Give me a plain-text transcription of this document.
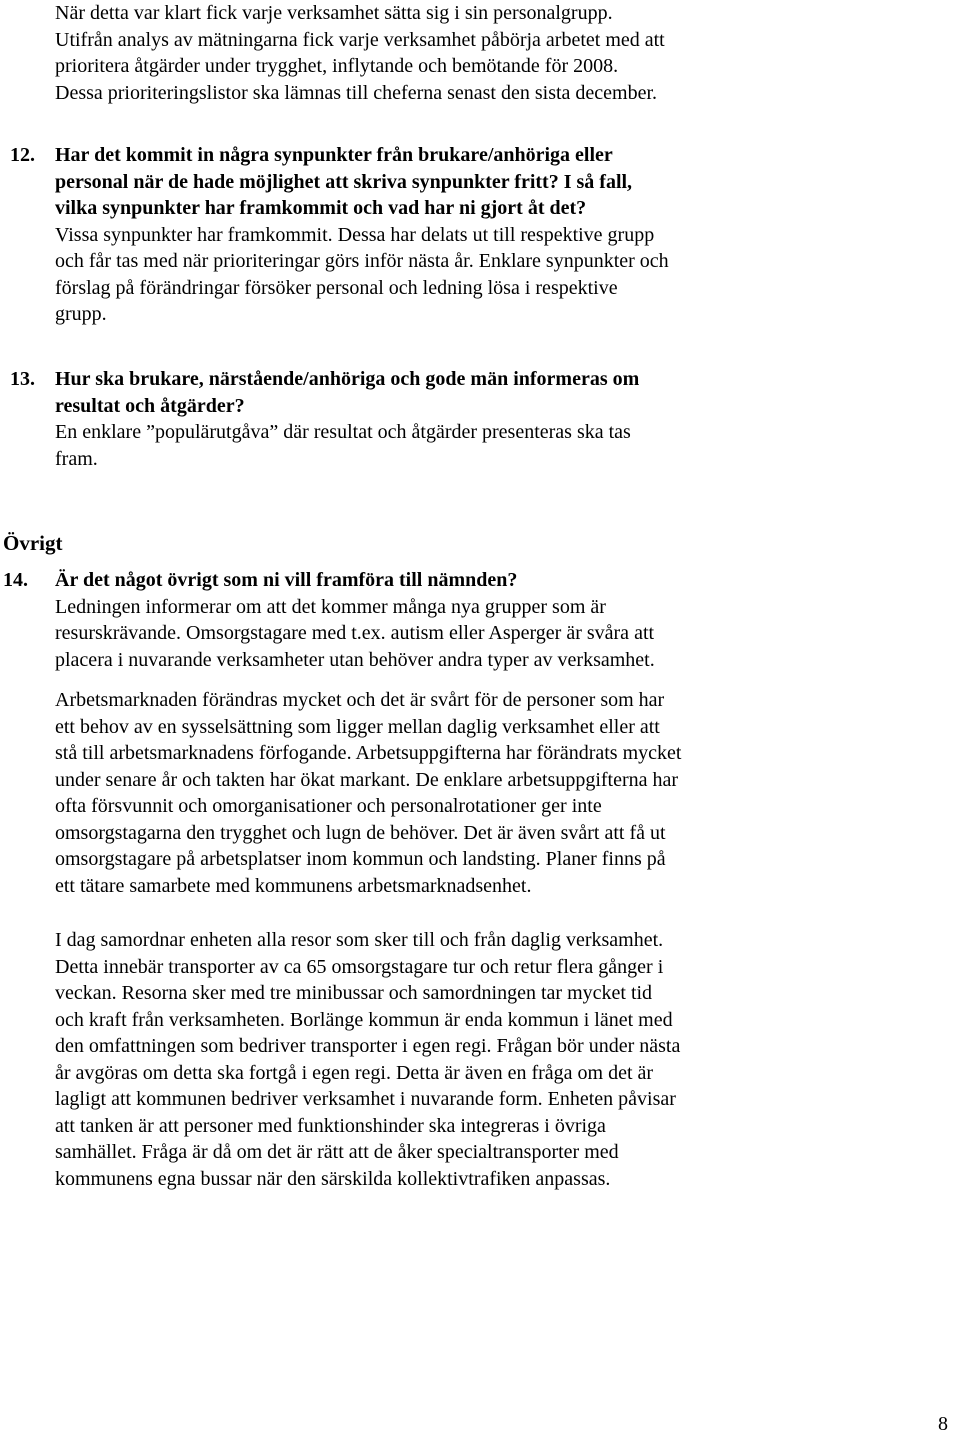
När detta var klart fick varje verksamhet sätta sig i sin personalgrupp.
Utifrån analys av mätningarna fick varje verksamhet påbörja arbetet med att
prioritera åtgärder under trygghet, inflytande och bemötande för 2008.
Dessa prioriteringslistor ska lämnas till cheferna senast den sista december.
12. Har det kommit in några synpunkter från brukare/anhöriga eller
personal när de hade möjlighet att skriva synpunkter fritt? I så fall,
vilka synpunkter har framkommit och vad har ni gjort åt det?
Vissa synpunkter har framkommit. Dessa har delats ut till respektive grupp
och får tas med när prioriteringar görs inför nästa år. Enklare synpunkter och
förslag på förändringar försöker personal och ledning lösa i respektive
grupp.
13. Hur ska brukare, närstående/anhöriga och gode män informeras om
resultat och åtgärder?
En enklare ”populärutgåva” där resultat och åtgärder presenteras ska tas
fram.
Övrigt
14. Är det något övrigt som ni vill framföra till nämnden?
Ledningen informerar om att det kommer många nya grupper som är
resurskrävande. Omsorgstagare med t.ex. autism eller Asperger är svåra att
placera i nuvarande verksamheter utan behöver andra typer av verksamhet.
Arbetsmarknaden förändras mycket och det är svårt för de personer som har
ett behov av en sysselsättning som ligger mellan daglig verksamhet eller att
stå till arbetsmarknadens förfogande. Arbetsuppgifterna har förändrats mycket
under senare år och takten har ökat markant. De enklare arbetsuppgifterna har
ofta försvunnit och omorganisationer och personalrotationer ger inte
omsorgstagarna den trygghet och lugn de behöver. Det är även svårt att få ut
omsorgstagare på arbetsplatser inom kommun och landsting. Planer finns på
ett tätare samarbete med kommunens arbetsmarknadsenhet.
I dag samordnar enheten alla resor som sker till och från daglig verksamhet.
Detta innebär transporter av ca 65 omsorgstagare tur och retur flera gånger i
veckan. Resorna sker med tre minibussar och samordningen tar mycket tid
och kraft från verksamheten. Borlänge kommun är enda kommun i länet med
den omfattningen som bedriver transporter i egen regi. Frågan bör under nästa
år avgöras om detta ska fortgå i egen regi. Detta är även en fråga om det är
lagligt att kommunen bedriver verksamhet i nuvarande form. Enheten påvisar
att tanken är att personer med funktionshinder ska integreras i övriga
samhället. Fråga är då om det är rätt att de åker specialtransporter med
kommunens egna bussar när den särskilda kollektivtrafiken anpassas.
8
